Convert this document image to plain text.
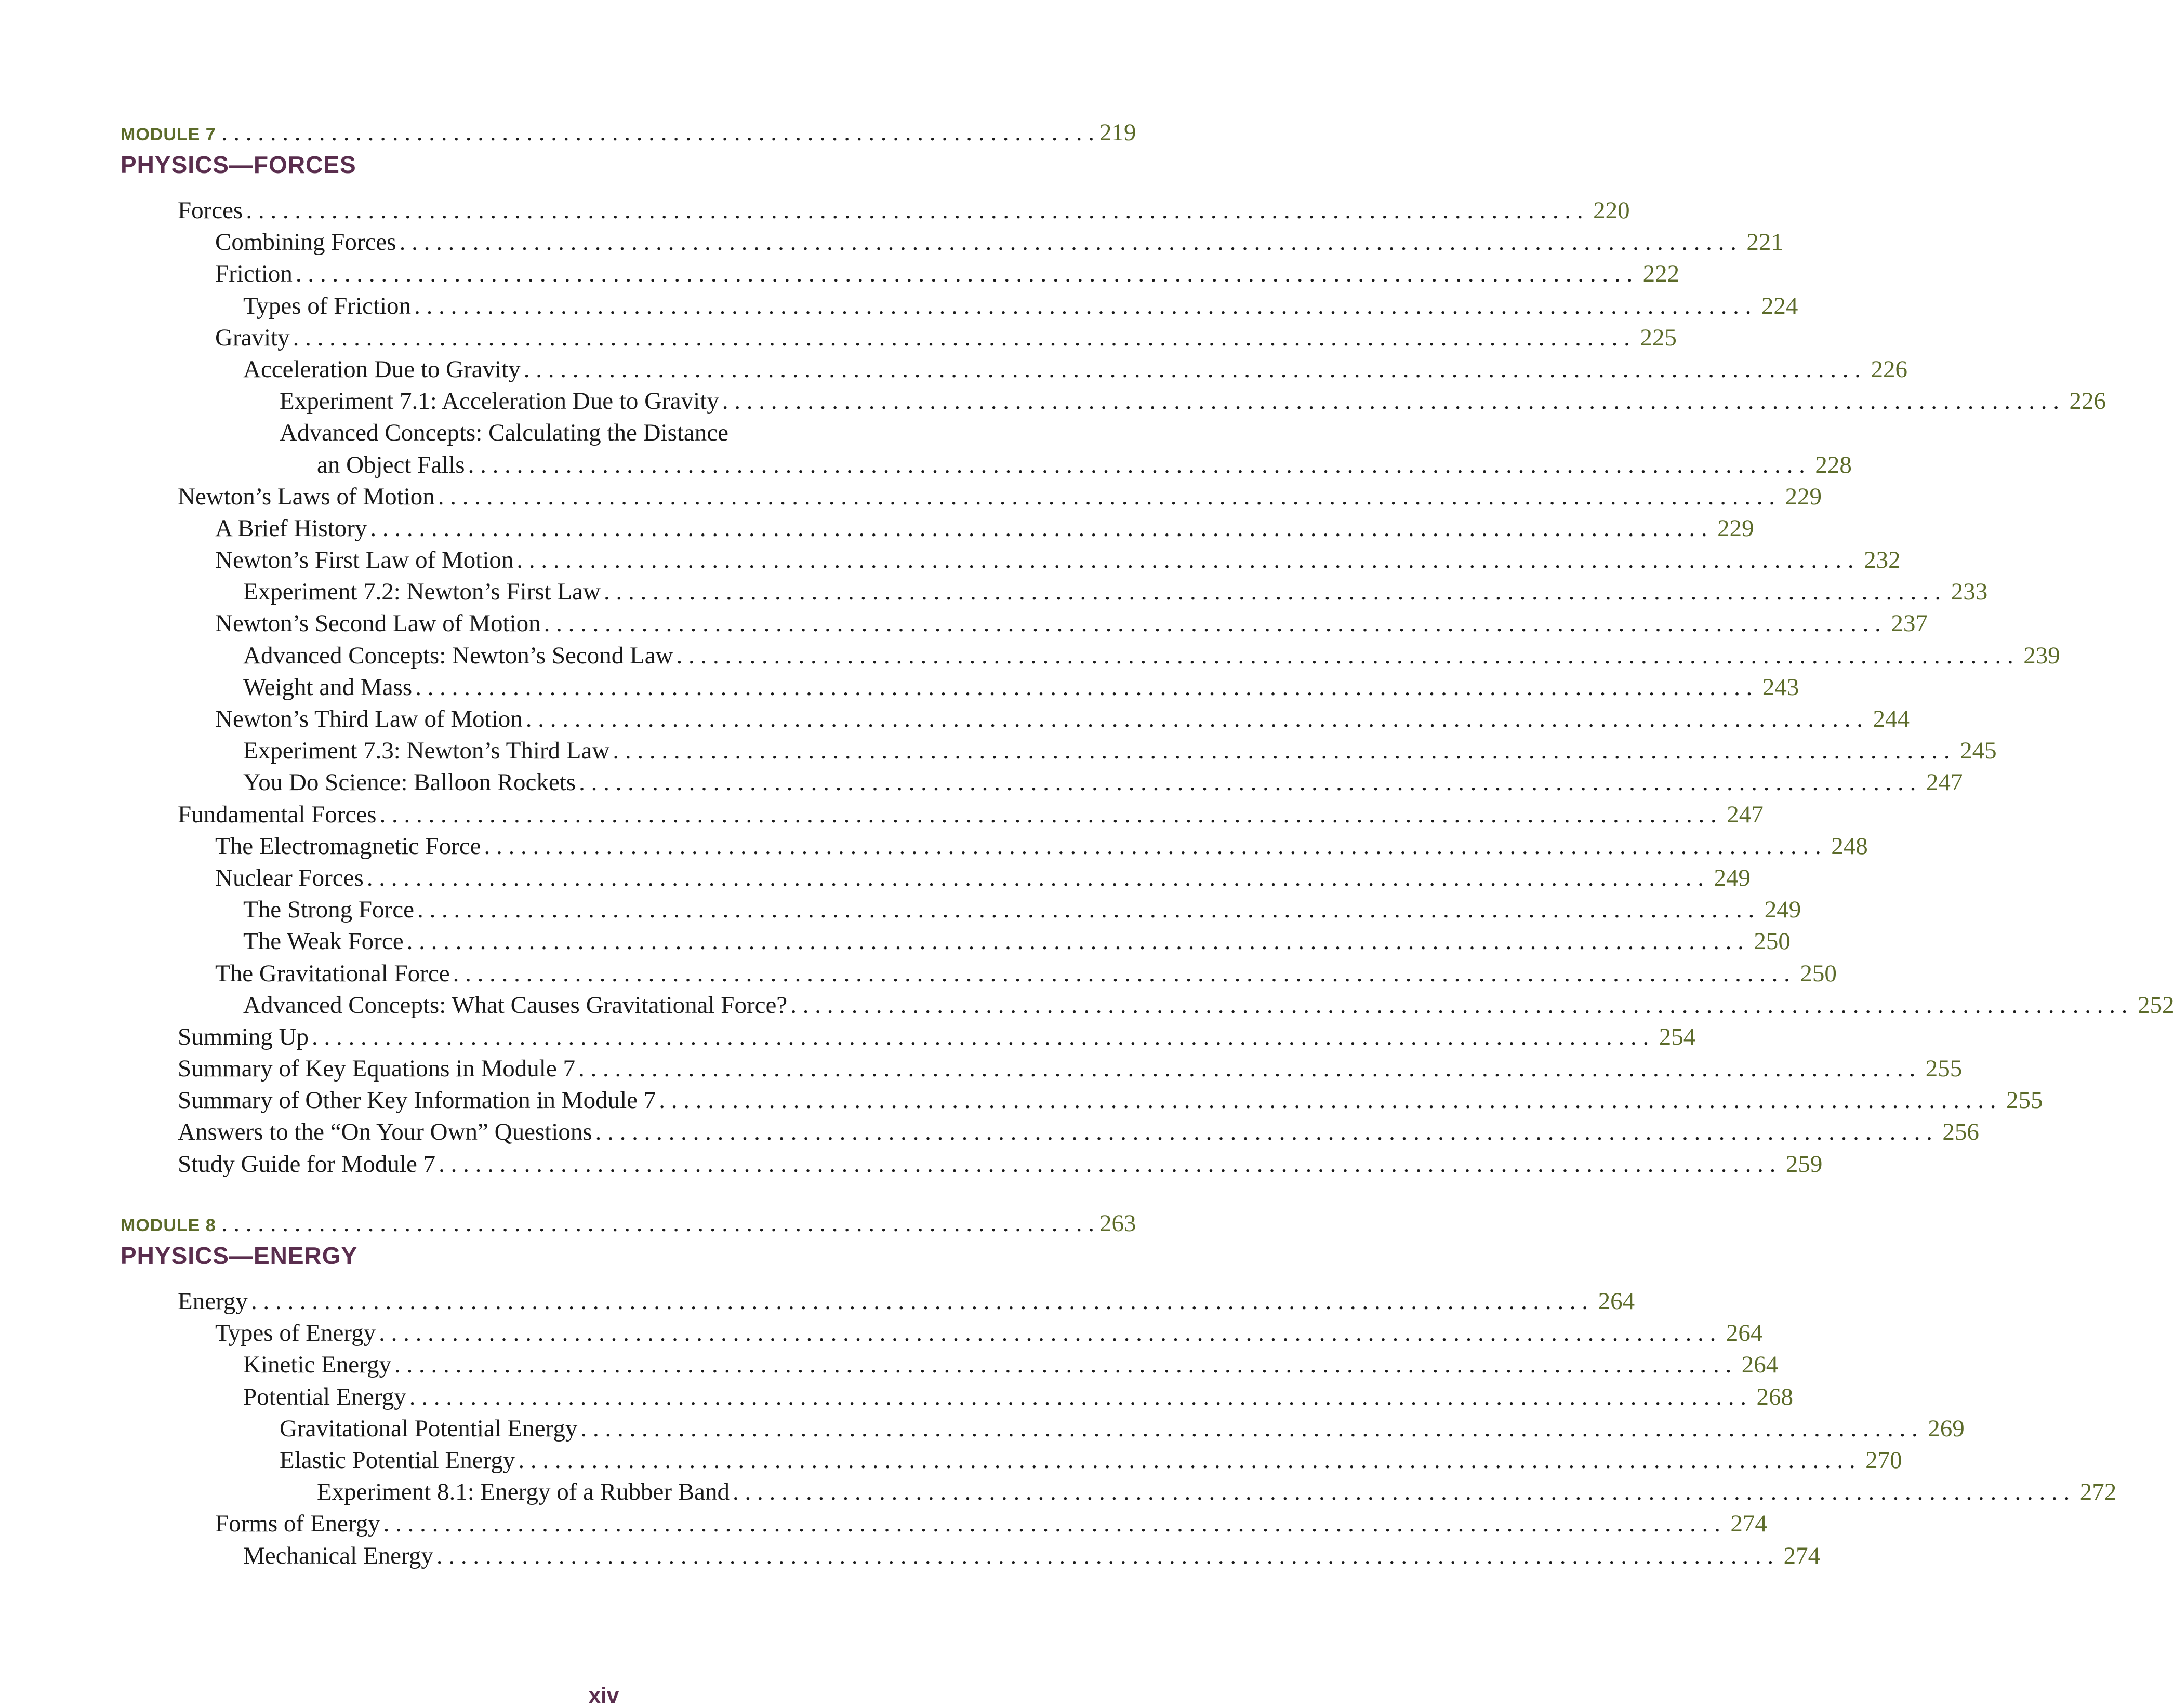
MODULE 7 . . . . . . . . . . . . . . . . . . . . . . . . . . . . . . . . . . . . . . . . . . . . . . . . . . . . . . . . . . . . . . . . . . . . . . . . 219
PHYSICS—FORCES
Forces . . .	220
Combining Forces . . .	221
Friction . . .	222
Types of Friction . . .	224
Gravity . . .	225
Acceleration Due to Gravity . . .	226
Experiment 7.1: Acceleration Due to Gravity . . .	226
Advanced Concepts: Calculating the Distance
an Object Falls . . .	228
Newton’s Laws of Motion . . .	229
A Brief History . . .	229
Newton’s First Law of Motion . . .	232
Experiment 7.2: Newton’s First Law . . .	233
Newton’s Second Law of Motion . . .	237
Advanced Concepts: Newton’s Second Law . . .	239
Weight and Mass . . .	243
Newton’s Third Law of Motion . . .	244
Experiment 7.3: Newton’s Third Law . . .	245
You Do Science: Balloon Rockets . . .	247
Fundamental Forces . . .	247
The Electromagnetic Force . . .	248
Nuclear Forces . . .	249
The Strong Force . . .	249
The Weak Force . . .	250
The Gravitational Force . . .	250
Advanced Concepts: What Causes Gravitational Force? . . .	252
Summing Up . . .	254
Summary of Key Equations in Module 7 . . .	255
Summary of Other Key Information in Module 7 . . .	255
Answers to the “On Your Own” Questions . . .	256
Study Guide for Module 7 . . .	259
MODULE 8 . . . . . . . . . . . . . . . . . . . . . . . . . . . . . . . . . . . . . . . . . . . . . . . . . . . . . . . . . . . . . . . . . . . . . . . . 263
PHYSICS—ENERGY
Energy . . .	264
Types of Energy . . .	264
Kinetic Energy . . .	264
Potential Energy . . .	268
Gravitational Potential Energy . . .	269
Elastic Potential Energy . . .	270
Experiment 8.1: Energy of a Rubber Band . . .	272
Forms of Energy . . .	274
Mechanical Energy . . .	274
xiv
